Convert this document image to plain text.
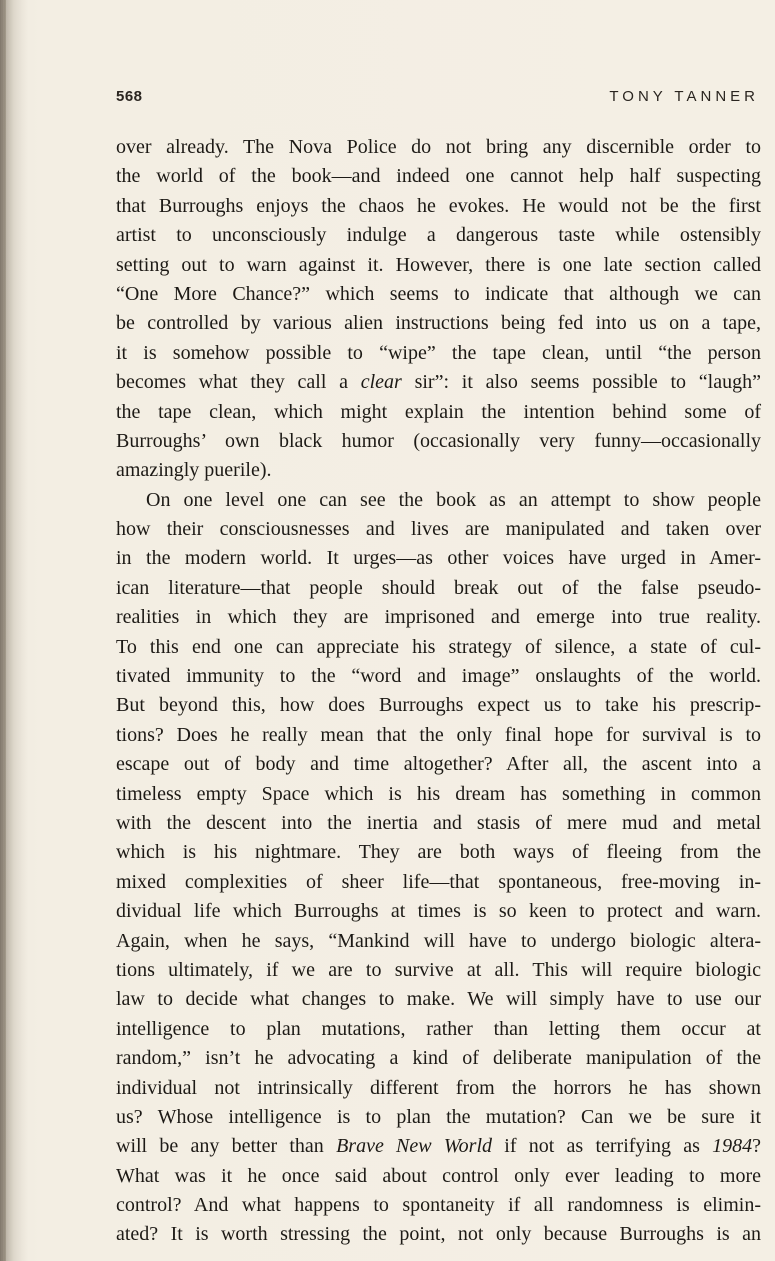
568	TONY TANNER
over already. The Nova Police do not bring any discernible order to
the world of the book—and indeed one cannot help half suspecting
that Burroughs enjoys the chaos he evokes. He would not be the first
artist to unconsciously indulge a dangerous taste while ostensibly
setting out to warn against it. However, there is one late section called
“One More Chance?” which seems to indicate that although we can
be controlled by various alien instructions being fed into us on a tape,
it is somehow possible to “wipe” the tape clean, until “the person
becomes what they call a clear sir”: it also seems possible to “laugh”
the tape clean, which might explain the intention behind some of
Burroughs’ own black humor (occasionally very funny—occasionally
amazingly puerile).
On one level one can see the book as an attempt to show people
how their consciousnesses and lives are manipulated and taken over
in the modern world. It urges—as other voices have urged in Amer-
ican literature—that people should break out of the false pseudo-
realities in which they are imprisoned and emerge into true reality.
To this end one can appreciate his strategy of silence, a state of cul-
tivated immunity to the “word and image” onslaughts of the world.
But beyond this, how does Burroughs expect us to take his prescrip-
tions? Does he really mean that the only final hope for survival is to
escape out of body and time altogether? After all, the ascent into a
timeless empty Space which is his dream has something in common
with the descent into the inertia and stasis of mere mud and metal
which is his nightmare. They are both ways of fleeing from the
mixed complexities of sheer life—that spontaneous, free-moving in-
dividual life which Burroughs at times is so keen to protect and warn.
Again, when he says, “Mankind will have to undergo biologic altera-
tions ultimately, if we are to survive at all. This will require biologic
law to decide what changes to make. We will simply have to use our
intelligence to plan mutations, rather than letting them occur at
random,” isn’t he advocating a kind of deliberate manipulation of the
individual not intrinsically different from the horrors he has shown
us? Whose intelligence is to plan the mutation? Can we be sure it
will be any better than Brave New World if not as terrifying as 1984?
What was it he once said about control only ever leading to more
control? And what happens to spontaneity if all randomness is elimin-
ated? It is worth stressing the point, not only because Burroughs is an
